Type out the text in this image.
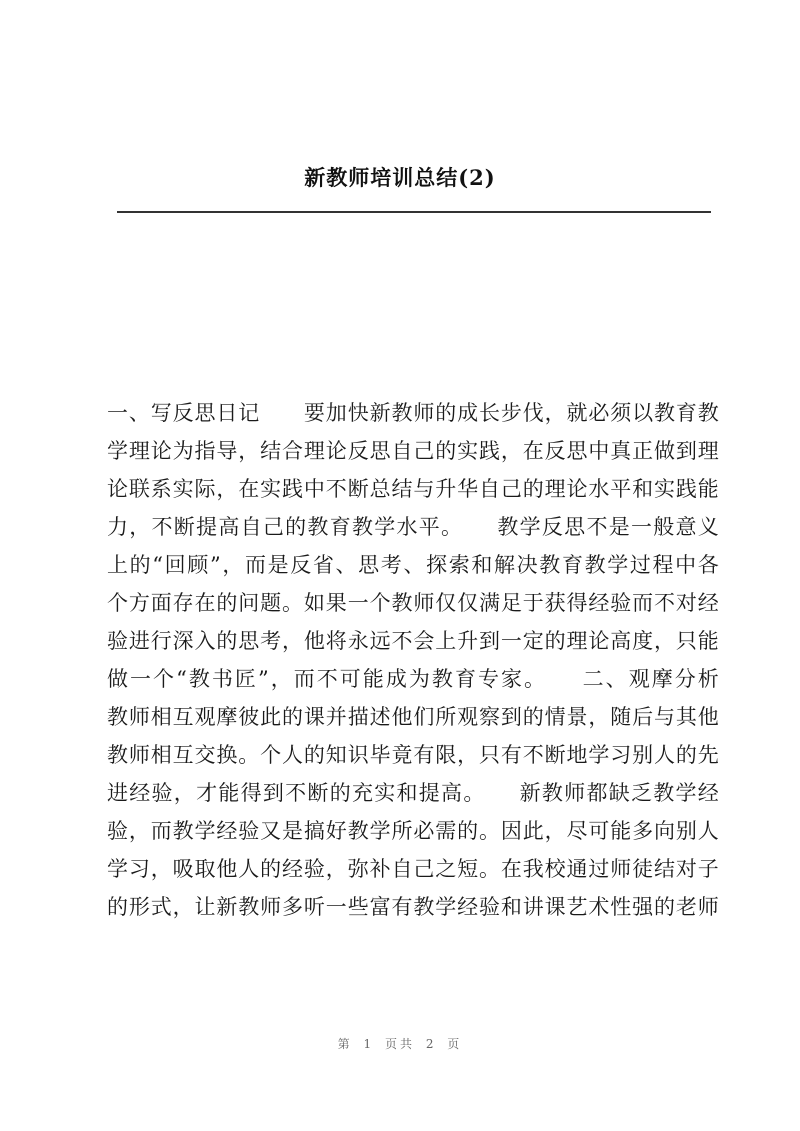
新教师培训总结(2)
一、写反思日记　　要加快新教师的成长步伐，就必须以教育教
学理论为指导，结合理论反思自己的实践，在反思中真正做到理
论联系实际，在实践中不断总结与升华自己的理论水平和实践能
力，不断提高自己的教育教学水平。　　教学反思不是一般意义
上的“回顾”，而是反省、思考、探索和解决教育教学过程中各
个方面存在的问题。如果一个教师仅仅满足于获得经验而不对经
验进行深入的思考，他将永远不会上升到一定的理论高度，只能
做一个“教书匠”，而不可能成为教育专家。　　二、观摩分析
教师相互观摩彼此的课并描述他们所观察到的情景，随后与其他
教师相互交换。个人的知识毕竟有限，只有不断地学习别人的先
进经验，才能得到不断的充实和提高。　　新教师都缺乏教学经
验，而教学经验又是搞好教学所必需的。因此，尽可能多向别人
学习，吸取他人的经验，弥补自己之短。在我校通过师徒结对子
的形式，让新教师多听一些富有教学经验和讲课艺术性强的老师
第 1 页共 2 页
